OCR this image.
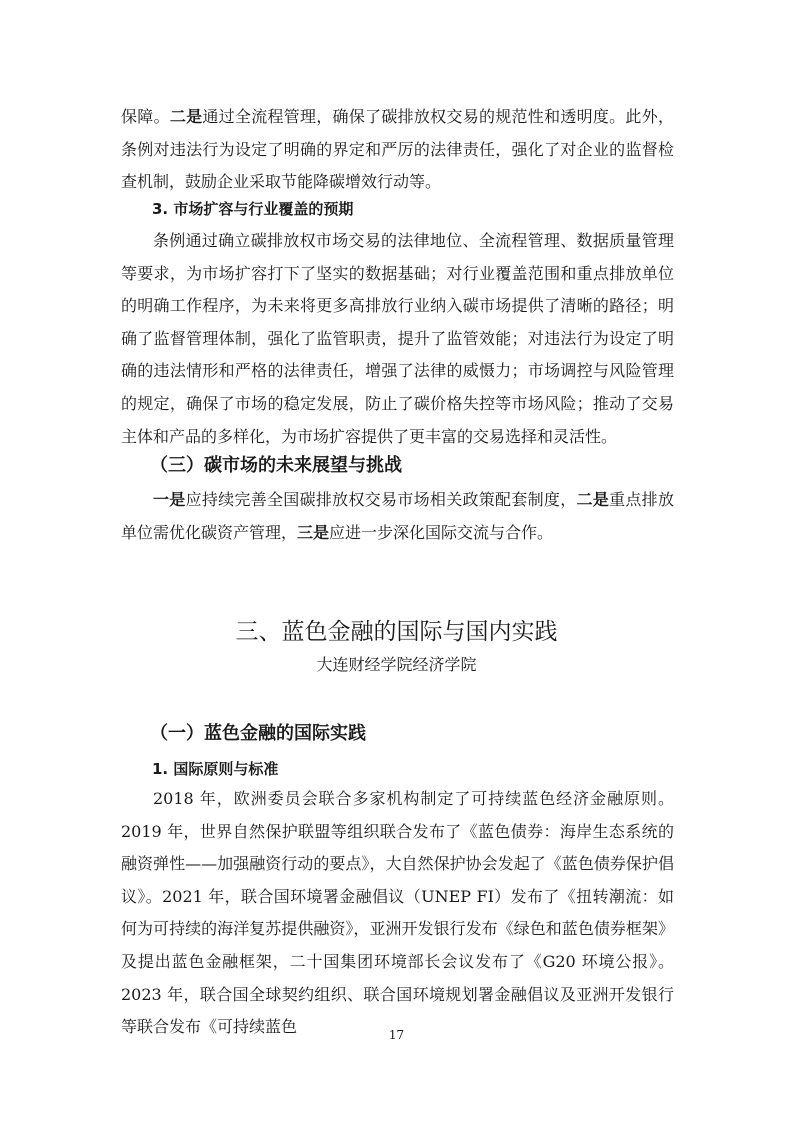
保障。二是通过全流程管理，确保了碳排放权交易的规范性和透明度。此外，条例对违法行为设定了明确的界定和严厉的法律责任，强化了对企业的监督检查机制，鼓励企业采取节能降碳增效行动等。

3. 市场扩容与行业覆盖的预期

条例通过确立碳排放权市场交易的法律地位、全流程管理、数据质量管理等要求，为市场扩容打下了坚实的数据基础；对行业覆盖范围和重点排放单位的明确工作程序，为未来将更多高排放行业纳入碳市场提供了清晰的路径；明确了监督管理体制，强化了监管职责，提升了监管效能；对违法行为设定了明确的违法情形和严格的法律责任，增强了法律的威慑力；市场调控与风险管理的规定，确保了市场的稳定发展，防止了碳价格失控等市场风险；推动了交易主体和产品的多样化，为市场扩容提供了更丰富的交易选择和灵活性。

（三）碳市场的未来展望与挑战

一是应持续完善全国碳排放权交易市场相关政策配套制度，二是重点排放单位需优化碳资产管理，三是应进一步深化国际交流与合作。

三、蓝色金融的国际与国内实践

大连财经学院经济学院

（一）蓝色金融的国际实践

1. 国际原则与标准

2018 年，欧洲委员会联合多家机构制定了可持续蓝色经济金融原则。2019 年，世界自然保护联盟等组织联合发布了《蓝色债券：海岸生态系统的融资弹性——加强融资行动的要点》，大自然保护协会发起了《蓝色债券保护倡议》。2021 年，联合国环境署金融倡议（UNEP FI）发布了《扭转潮流：如何为可持续的海洋复苏提供融资》，亚洲开发银行发布《绿色和蓝色债券框架》及提出蓝色金融框架，二十国集团环境部长会议发布了《G20 环境公报》。2023 年，联合国全球契约组织、联合国环境规划署金融倡议及亚洲开发银行等联合发布《可持续蓝色	17
